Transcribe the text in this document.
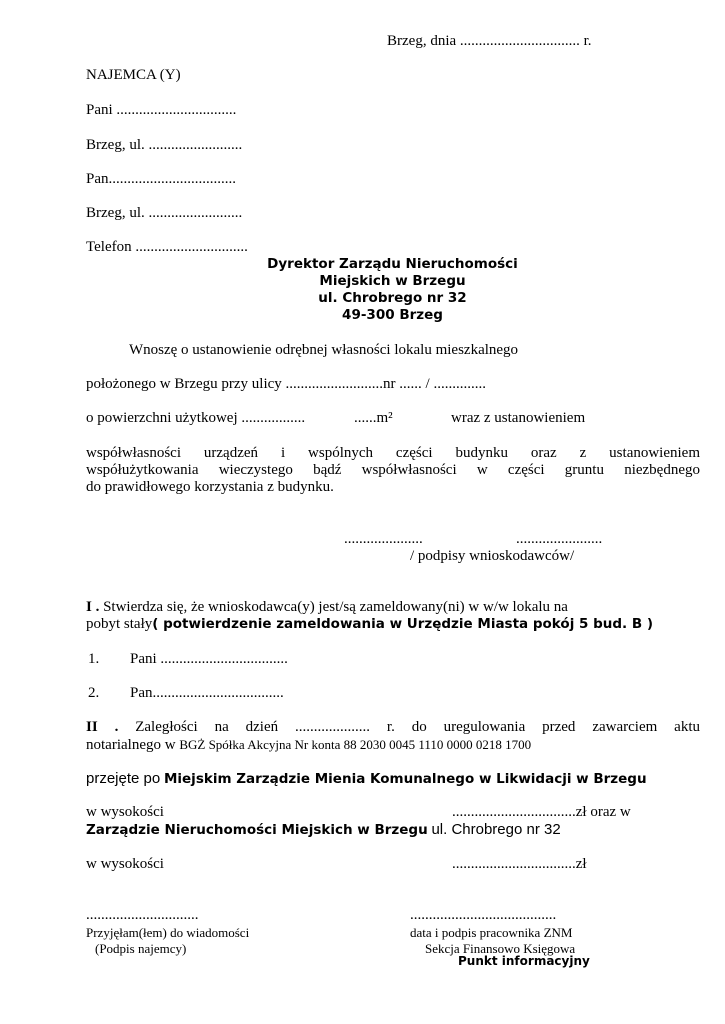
Brzeg, dnia ................................ r.
NAJEMCA (Y)
Pani ................................
Brzeg, ul. .........................
Pan..................................
Brzeg, ul. .........................
Telefon ..............................
Dyrektor Zarządu Nieruchomości
Miejskich w Brzegu
ul. Chrobrego nr 32
49-300 Brzeg
Wnoszę o ustanowienie odrębnej własności lokalu mieszkalnego
położonego w Brzegu przy ulicy ..........................nr ...... / ..............
o powierzchni użytkowej .................	......m²	wraz z ustanowieniem
współwłasności urządzeń i wspólnych części budynku oraz z ustanowieniem
współużytkowania wieczystego bądź współwłasności w części gruntu niezbędnego
do prawidłowego korzystania z budynku.
.....................	.......................
/ podpisy wnioskodawców/
I . Stwierdza się, że wnioskodawca(y) jest/są zameldowany(ni) w w/w lokalu na
pobyt stały( potwierdzenie zameldowania w Urzędzie Miasta pokój 5 bud. B )
1. Pani ..................................
2. Pan...................................
II . Zaległości na dzień .................... r. do uregulowania przed zawarciem aktu
notarialnego w BGŻ Spółka Akcyjna Nr konta 88 2030 0045 1110 0000 0218 1700
przejęte po Miejskim Zarządzie Mienia Komunalnego w Likwidacji w Brzegu
w wysokości	.................................zł oraz w
Zarządzie Nieruchomości Miejskich w Brzegu ul. Chrobrego nr 32
w wysokości	.................................zł
..............................
Przyjęłam(łem) do wiadomości
(Podpis najemcy)
.......................................
data i podpis pracownika ZNM
Sekcja Finansowo Księgowa
Punkt informacyjny
